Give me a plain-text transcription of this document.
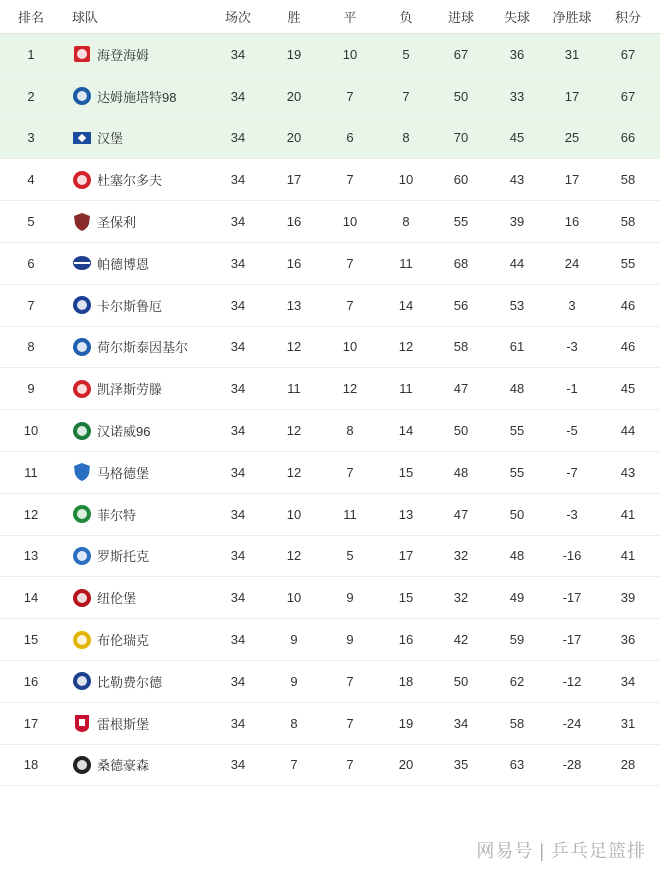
排名	球队	场次	胜	平	负	进球	失球	净胜球	积分
1	海登海姆	34	19	10	5	67	36	31	67
2	达姆施塔特98	34	20	7	7	50	33	17	67
3	汉堡	34	20	6	8	70	45	25	66
4	杜塞尔多夫	34	17	7	10	60	43	17	58
5	圣保利	34	16	10	8	55	39	16	58
6	帕德博恩	34	16	7	11	68	44	24	55
7	卡尔斯鲁厄	34	13	7	14	56	53	3	46
8	荷尔斯泰因基尔	34	12	10	12	58	61	-3	46
9	凯泽斯劳滕	34	11	12	11	47	48	-1	45
10	汉诺威96	34	12	8	14	50	55	-5	44
11	马格德堡	34	12	7	15	48	55	-7	43
12	菲尔特	34	10	11	13	47	50	-3	41
13	罗斯托克	34	12	5	17	32	48	-16	41
14	纽伦堡	34	10	9	15	32	49	-17	39
15	布伦瑞克	34	9	9	16	42	59	-17	36
16	比勒费尔德	34	9	7	18	50	62	-12	34
17	雷根斯堡	34	8	7	19	34	58	-24	31
18	桑德豪森	34	7	7	20	35	63	-28	28
网易号 | 乒乓足篮排
